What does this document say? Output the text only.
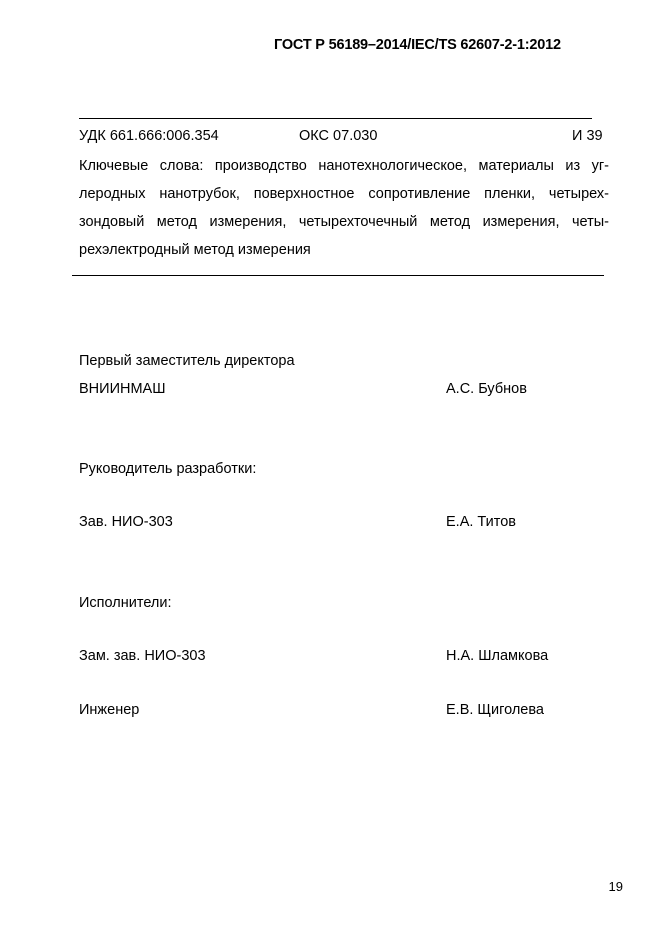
ГОСТ Р 56189–2014/IEC/TS 62607-2-1:2012
УДК 661.666:006.354	ОКС 07.030	И 39
Ключевые слова: производство нанотехнологическое, материалы из уг-
леродных нанотрубок, поверхностное сопротивление пленки, четырех-
зондовый метод измерения, четырехточечный метод измерения, четы-
рехэлектродный метод измерения
Первый заместитель директора
ВНИИНМАШ	А.С. Бубнов
Руководитель разработки:
Зав. НИО-303	Е.А. Титов
Исполнители:
Зам. зав. НИО-303	Н.А. Шламкова
Инженер	Е.В. Щиголева
19
